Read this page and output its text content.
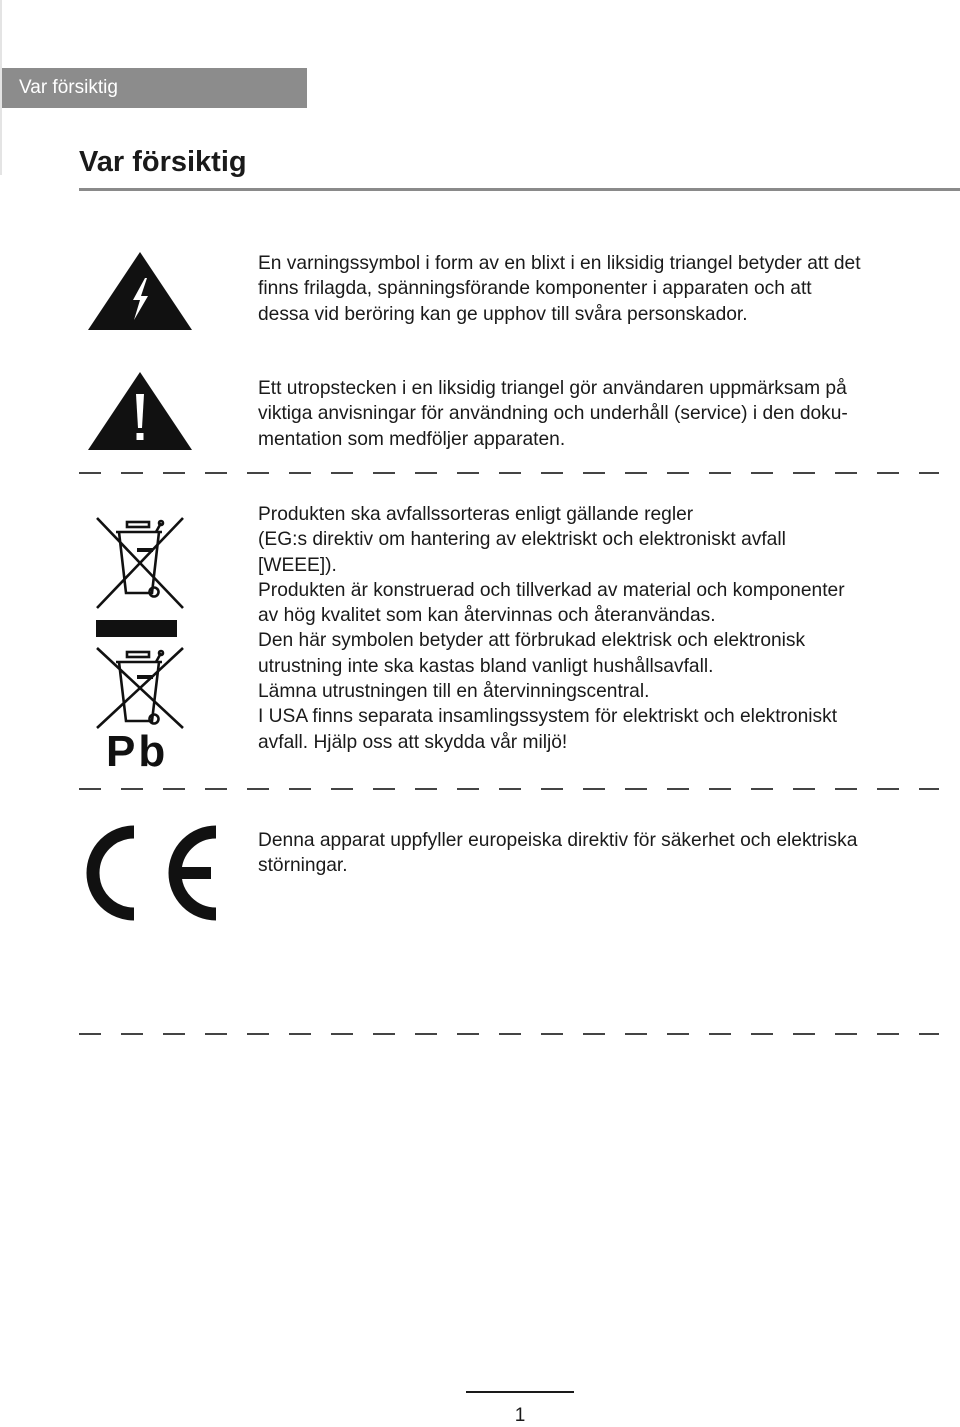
Var försiktig
Var försiktig
En varningssymbol i form av en blixt i en liksidig triangel betyder att det
finns frilagda, spänningsförande komponenter i apparaten och att
dessa vid beröring kan ge upphov till svåra personskador.
Ett utropstecken i en liksidig triangel gör användaren uppmärksam på
viktiga anvisningar för användning och underhåll (service) i den doku-
mentation som medföljer apparaten.
Pb
Produkten ska avfallssorteras enligt gällande regler
(EG:s direktiv om hantering av elektriskt och elektroniskt avfall
[WEEE]).
Produkten är konstruerad och tillverkad av material och komponenter
av hög kvalitet som kan återvinnas och återanvändas.
Den här symbolen betyder att förbrukad elektrisk och elektronisk
utrustning inte ska kastas bland vanligt hushållsavfall.
Lämna utrustningen till en återvinningscentral.
I USA finns separata insamlingssystem för elektriskt och elektroniskt
avfall. Hjälp oss att skydda vår miljö!
Denna apparat uppfyller europeiska direktiv för säkerhet och elektriska
störningar.
1
